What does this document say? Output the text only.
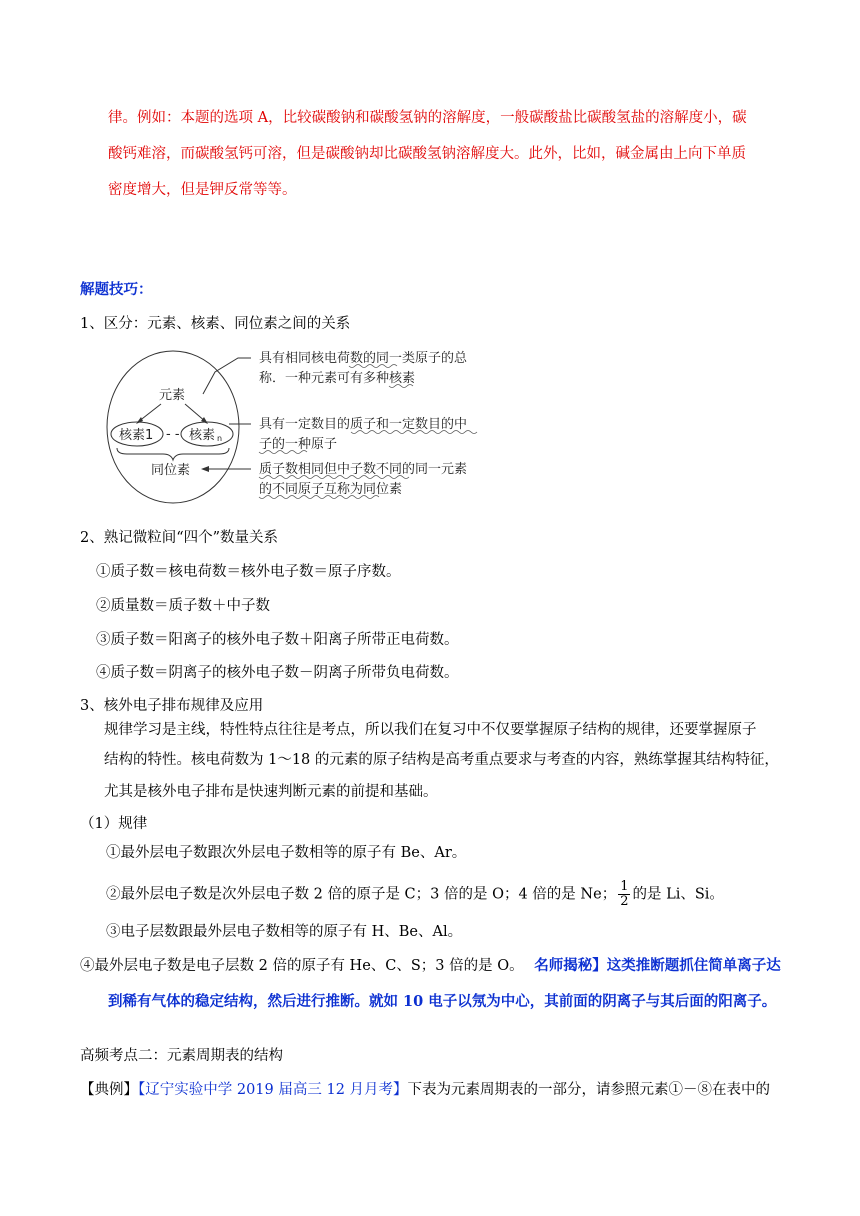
律。例如：本题的选项 A，比较碳酸钠和碳酸氢钠的溶解度，一般碳酸盐比碳酸氢盐的溶解度小，碳
酸钙难溶，而碳酸氢钙可溶，但是碳酸钠却比碳酸氢钠溶解度大。此外，比如，碱金属由上向下单质
密度增大，但是钾反常等等。
解题技巧：
1、区分：元素、核素、同位素之间的关系
元素
核素1 - - 核素 n
同位素
具有相同核电荷数的同一类原子的总
称．一种元素可有多种核素
具有一定数目的质子和一定数目的中
子的一种原子
质子数相同但中子数不同的同一元素
的不同原子互称为同位素
2、熟记微粒间“四个”数量关系
①质子数＝核电荷数＝核外电子数＝原子序数。
②质量数＝质子数＋中子数
③质子数＝阳离子的核外电子数＋阳离子所带正电荷数。
④质子数＝阴离子的核外电子数－阴离子所带负电荷数。
3、核外电子排布规律及应用
规律学习是主线，特性特点往往是考点，所以我们在复习中不仅要掌握原子结构的规律，还要掌握原子
结构的特性。核电荷数为 1～18 的元素的原子结构是高考重点要求与考查的内容，熟练掌握其结构特征，
尤其是核外电子排布是快速判断元素的前提和基础。
（1）规律
①最外层电子数跟次外层电子数相等的原子有 Be、Ar。
②最外层电子数是次外层电子数 2 倍的原子是 C；3 倍的是 O；4 倍的是 Ne； $\frac{1}{2}$ 的是 Li、Si。
③电子层数跟最外层电子数相等的原子有 H、Be、Al。
④最外层电子数是电子层数 2 倍的原子有 He、C、S；3 倍的是 O。 名师揭秘】这类推断题抓住简单离子达
到稀有气体的稳定结构，然后进行推断。就如 10 电子以氖为中心，其前面的阴离子与其后面的阳离子。
高频考点二：元素周期表的结构
【典例】【辽宁实验中学 2019 届高三 12 月月考】下表为元素周期表的一部分，请参照元素①－⑧在表中的
